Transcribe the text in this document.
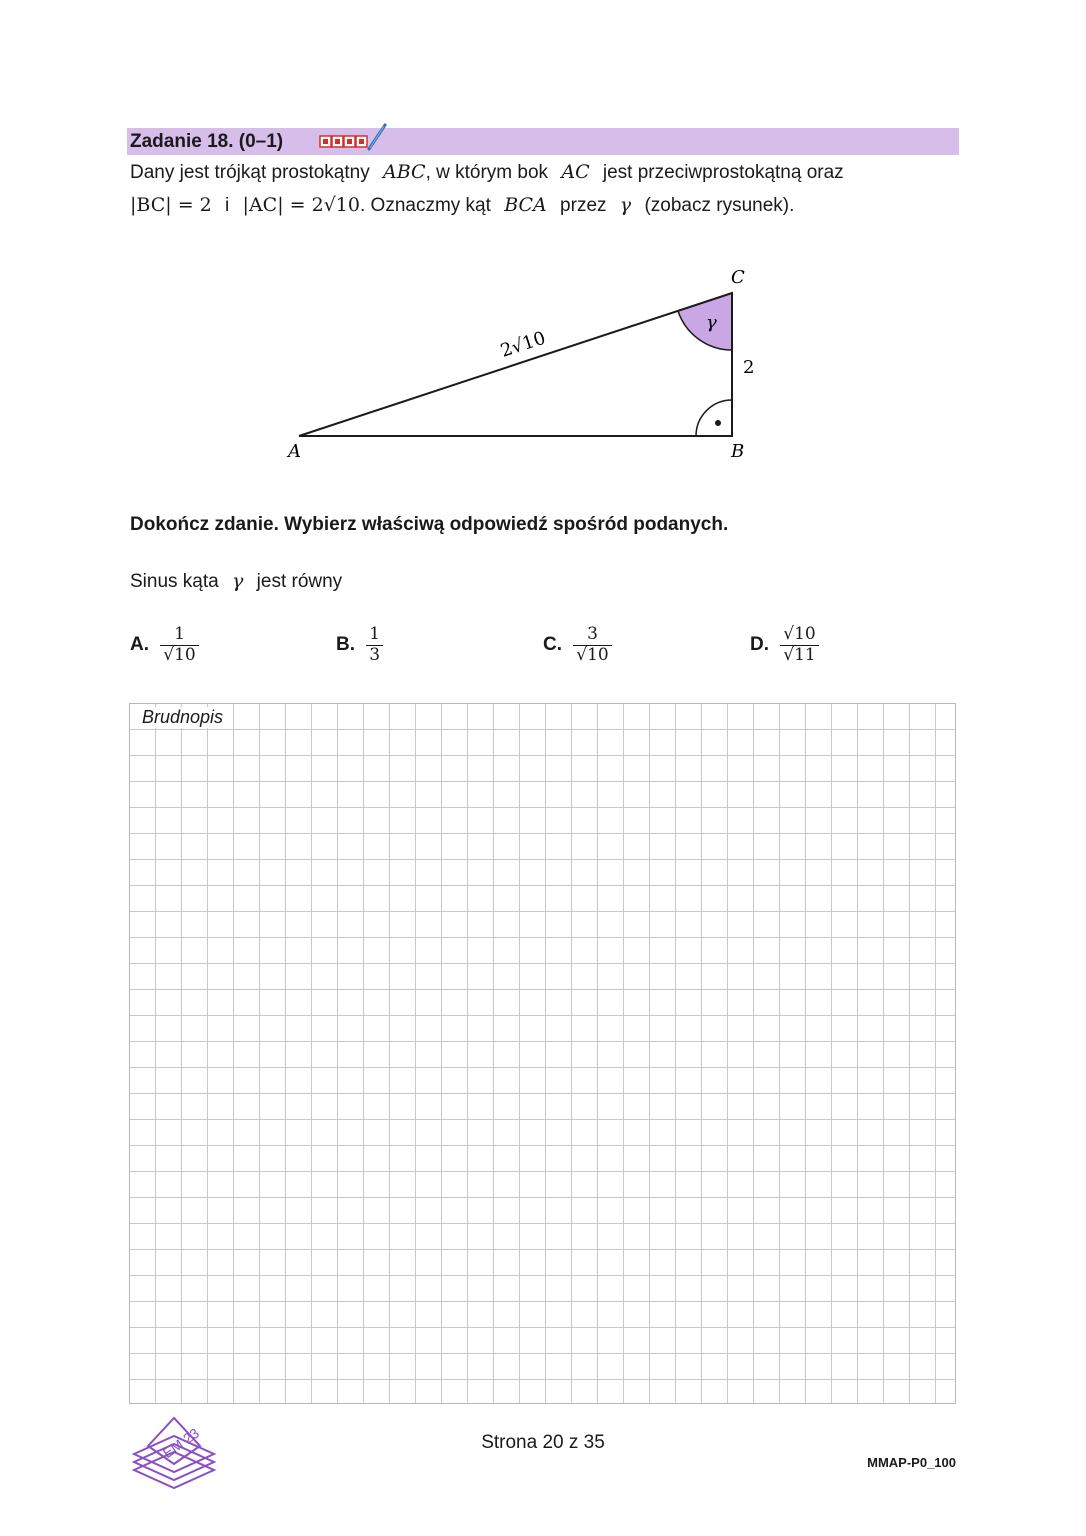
Zadanie 18. (0–1)
Dany jest trójkąt prostokątny ABC, w którym bok AC jest przeciwprostokątną oraz
|BC| = 2 i |AC| = 2√10. Oznaczmy kąt BCA przez γ (zobacz rysunek).
A	B
C
γ
2
2√10
Dokończ zdanie. Wybierz właściwą odpowiedź spośród podanych.
Sinus kąta γ jest równy
A. $\frac{1}{√10}$	B. $\frac{1}{3}$	C. $\frac{3}{√10}$	D. $\frac{√10}{√11}$
Brudnopis
EM 23	Strona 20 z 35
MMAP-P0_100
